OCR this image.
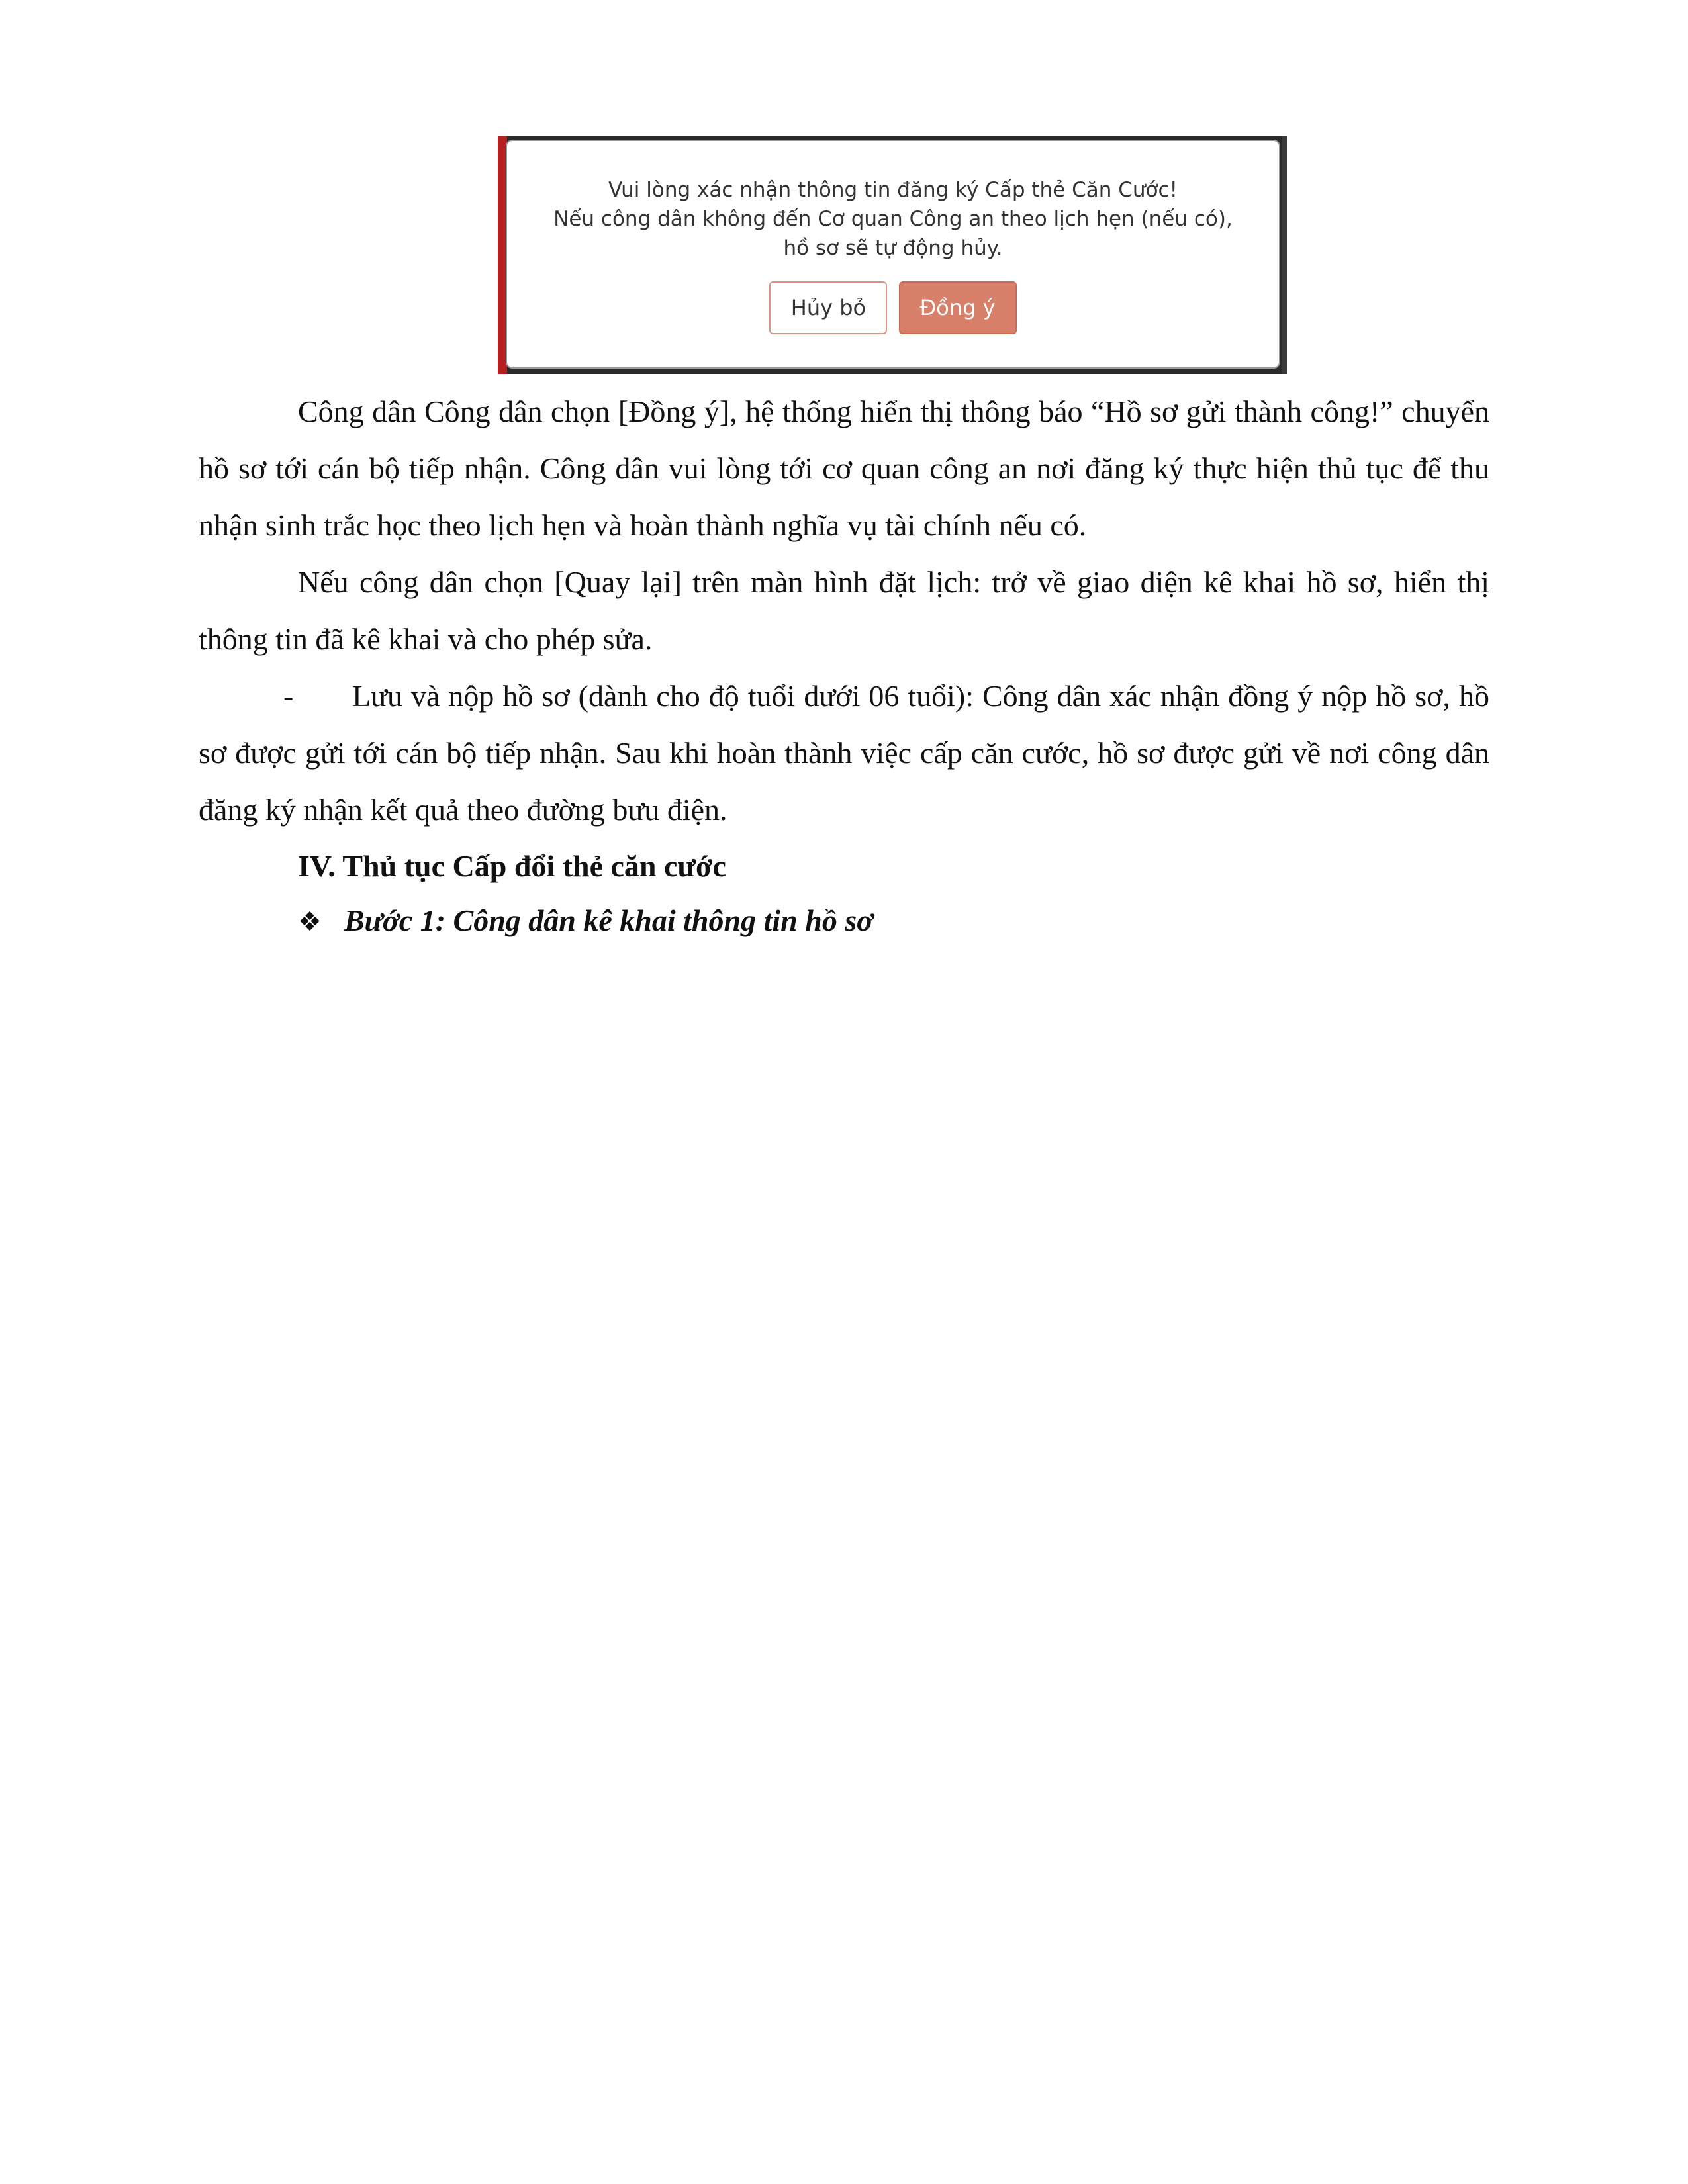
Vui lòng xác nhận thông tin đăng ký Cấp thẻ Căn Cước!
Nếu công dân không đến Cơ quan Công an theo lịch hẹn (nếu có),
hồ sơ sẽ tự động hủy.
Hủy bỏ	Đồng ý
Công dân Công dân chọn [Đồng ý], hệ thống hiển thị thông báo “Hồ sơ gửi thành công!” chuyển hồ sơ tới cán bộ tiếp nhận. Công dân vui lòng tới cơ quan công an nơi đăng ký thực hiện thủ tục để thu nhận sinh trắc học theo lịch hẹn và hoàn thành nghĩa vụ tài chính nếu có.
Nếu công dân chọn [Quay lại] trên màn hình đặt lịch: trở về giao diện kê khai hồ sơ, hiển thị thông tin đã kê khai và cho phép sửa.
- Lưu và nộp hồ sơ (dành cho độ tuổi dưới 06 tuổi): Công dân xác nhận đồng ý nộp hồ sơ, hồ sơ được gửi tới cán bộ tiếp nhận. Sau khi hoàn thành việc cấp căn cước, hồ sơ được gửi về nơi công dân đăng ký nhận kết quả theo đường bưu điện.
IV. Thủ tục Cấp đổi thẻ căn cước
❖ Bước 1: Công dân kê khai thông tin hồ sơ
